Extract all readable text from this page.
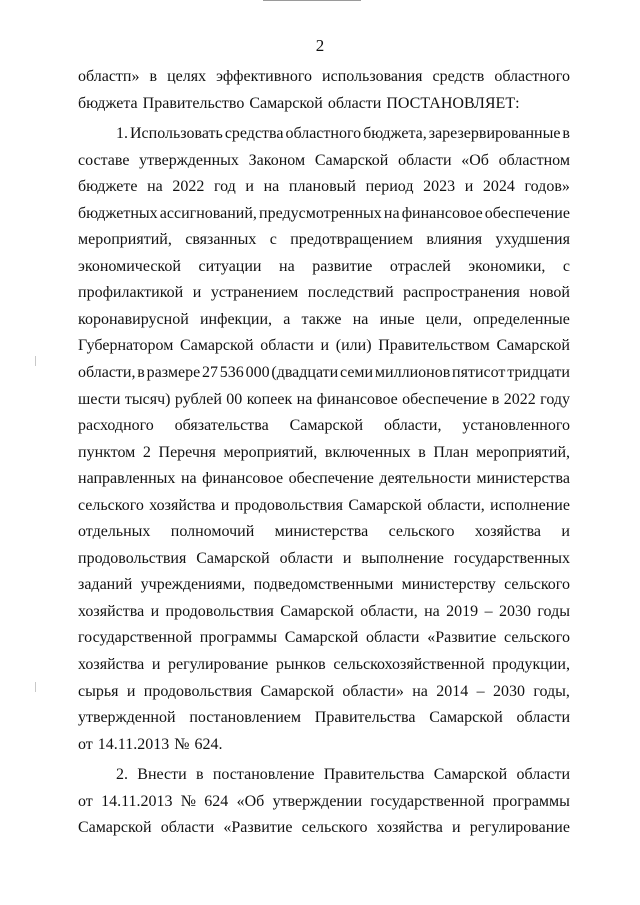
2
областп» в целях эффективного использования средств областного
бюджета Правительство Самарской области ПОСТАНОВЛЯЕТ:
1. Использовать средства областного бюджета, зарезервированные в
составе утвержденных Законом Самарской области «Об областном
бюджете на 2022 год и на плановый период 2023 и 2024 годов»
бюджетных ассигнований, предусмотренных на финансовое обеспечение
мероприятий, связанных с предотвращением влияния ухудшения
экономической ситуации на развитие отраслей экономики, с
профилактикой и устранением последствий распространения новой
коронавирусной инфекции, а также на иные цели, определенные
Губернатором Самарской области и (или) Правительством Самарской
области, в размере 27 536 000 (двадцати семи миллионов пятисот тридцати
шести тысяч) рублей 00 копеек на финансовое обеспечение в 2022 году
расходного обязательства Самарской области, установленного
пунктом 2 Перечня мероприятий, включенных в План мероприятий,
направленных на финансовое обеспечение деятельности министерства
сельского хозяйства и продовольствия Самарской области, исполнение
отдельных полномочий министерства сельского хозяйства и
продовольствия Самарской области и выполнение государственных
заданий учреждениями, подведомственными министерству сельского
хозяйства и продовольствия Самарской области, на 2019 – 2030 годы
государственной программы Самарской области «Развитие сельского
хозяйства и регулирование рынков сельскохозяйственной продукции,
сырья и продовольствия Самарской области» на 2014 – 2030 годы,
утвержденной постановлением Правительства Самарской области
от 14.11.2013 № 624.
2. Внести в постановление Правительства Самарской области
от 14.11.2013 № 624 «Об утверждении государственной программы
Самарской области «Развитие сельского хозяйства и регулирование
